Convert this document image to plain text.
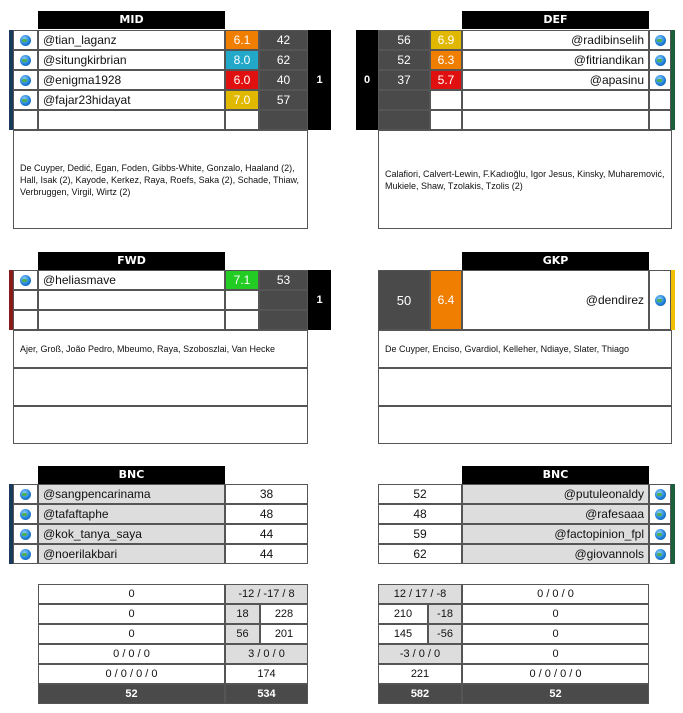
MID
@tian_laganz	6.1	42
@situngkirbrian	8.0	62
@enigma1928	6.0	40
@fajar23hidayat	7.0	57
1
De Cuyper, Dedić, Egan, Foden, Gibbs-White, Gonzalo, Haaland (2), Hall, Isak (2), Kayode, Kerkez, Raya, Roefs, Saka (2), Schade, Thiaw, Verbruggen, Virgil, Wirtz (2)
DEF
0
56	6.9	@radibinselih
52	6.3	@fitriandikan
37	5.7	@apasinu
Calafiori, Calvert-Lewin, F.Kadıoğlu, Igor Jesus, Kinsky, Muharemović, Mukiele, Shaw, Tzolakis, Tzolis (2)
FWD
@heliasmave	7.1	53
1
Ajer, Groß, João Pedro, Mbeumo, Raya, Szoboszlai, Van Hecke
GKP
50	6.4	@dendirez
De Cuyper, Enciso, Gvardiol, Kelleher, Ndiaye, Slater, Thiago
BNC
@sangpencarinama	38
@tafaftaphe	48
@kok_tanya_saya	44
@noerilakbari	44
BNC
52	@putuleonaldy
48	@rafesaaa
59	@factopinion_fpl
62	@giovannols
0	-12 / -17 / 8
0	18	228
0	56	201
0 / 0 / 0	3 / 0 / 0
0 / 0 / 0 / 0	174
52	534
12 / 17 / -8	0 / 0 / 0
210	-18	0
145	-56	0
-3 / 0 / 0	0
221	0 / 0 / 0 / 0
582	52
